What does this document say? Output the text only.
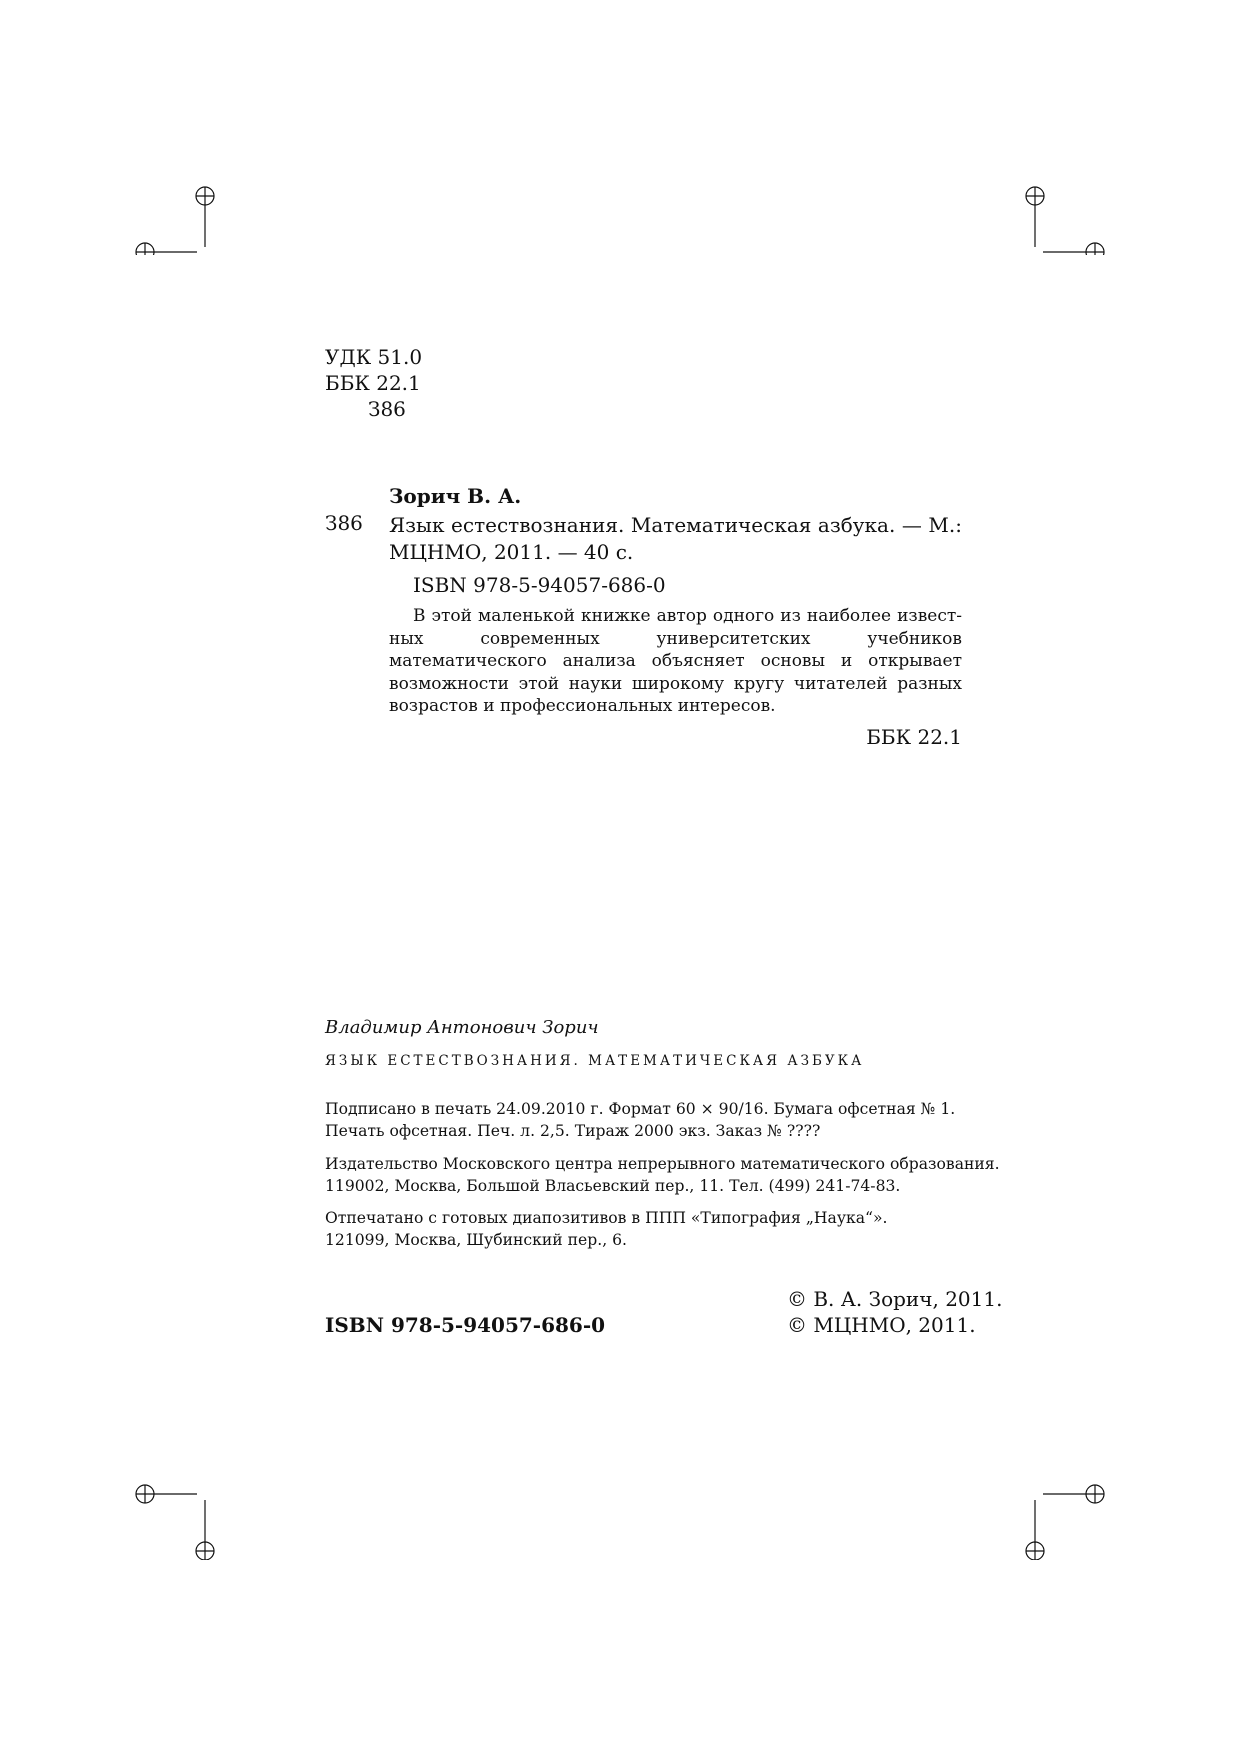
УДК 51.0
ББК 22.1
З86
Зорич В. А.
З86 Язык естествознания. Математическая азбука. — М.:
МЦНМО, 2011. — 40 с.
ISBN 978-5-94057-686-0
В этой маленькой книжке автор одного из наиболее известных современных университетских учебников математического анализа объясняет основы и открывает возможности этой науки широкому кругу читателей разных возрастов и профессиональных интересов.
ББК 22.1
Владимир Антонович Зорич
ЯЗЫК ЕСТЕСТВОЗНАНИЯ. МАТЕМАТИЧЕСКАЯ АЗБУКА
Подписано в печать 24.09.2010 г. Формат 60 × 90/16. Бумага офсетная № 1.
Печать офсетная. Печ. л. 2,5. Тираж 2000 экз. Заказ № ????
Издательство Московского центра непрерывного математического образования.
119002, Москва, Большой Власьевский пер., 11. Тел. (499) 241-74-83.
Отпечатано с готовых диапозитивов в ППП «Типография „Наука“».
121099, Москва, Шубинский пер., 6.
ISBN 978-5-94057-686-0
© В. А. Зорич, 2011.
© МЦНМО, 2011.
